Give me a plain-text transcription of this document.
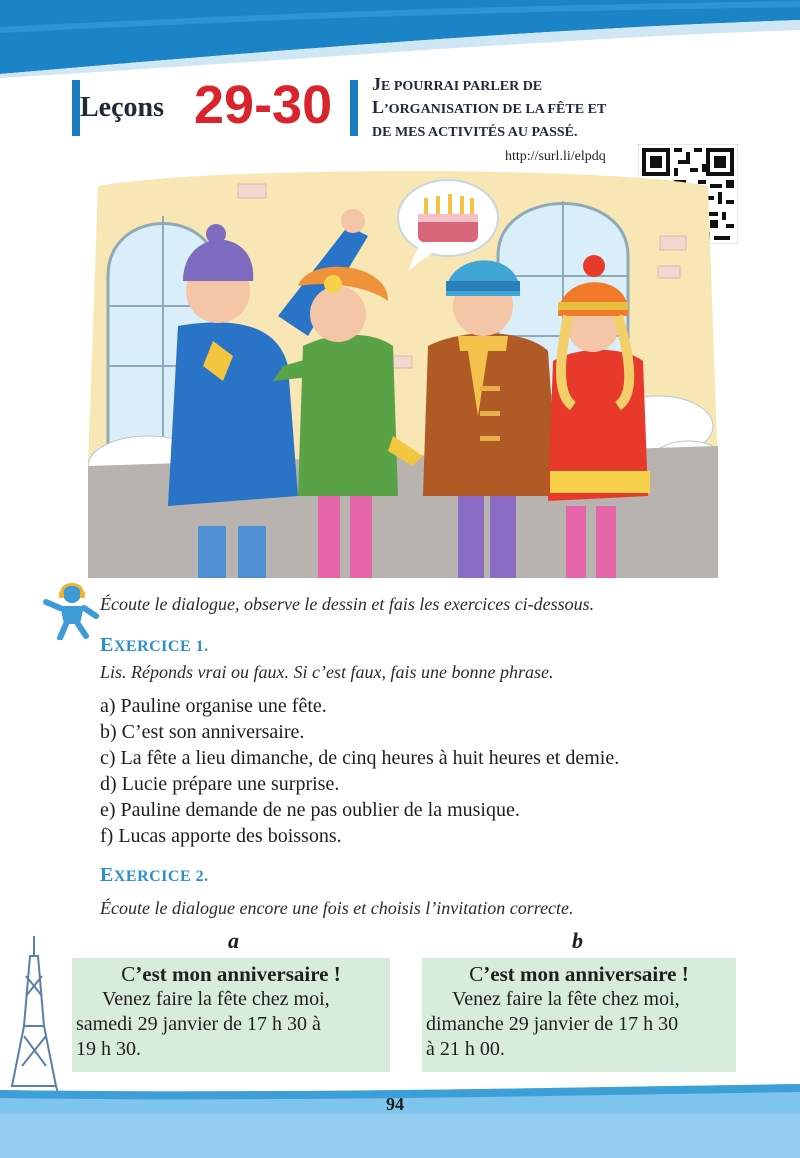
Leçons 29-30 JE POURRAI PARLER DE
L’ORGANISATION DE LA FÊTE ET
DE MES ACTIVITÉS AU PASSÉ.
http://surl.li/elpdq
Écoute le dialogue, observe le dessin et fais les exercices ci-dessous.
EXERCICE 1.
Lis. Réponds vrai ou faux. Si c’est faux, fais une bonne phrase.
a) Pauline organise une fête.
b) C’est son anniversaire.
c) La fête a lieu dimanche, de cinq heures à huit heures et demie.
d) Lucie prépare une surprise.
e) Pauline demande de ne pas oublier de la musique.
f) Lucas apporte des boissons.
EXERCICE 2.
Écoute le dialogue encore une fois et choisis l’invitation correcte.
a	b
C’est mon anniversaire !
Venez faire la fête chez moi,
samedi 29 janvier de 17 h 30 à
19 h 30.
C’est mon anniversaire !
Venez faire la fête chez moi,
dimanche 29 janvier de 17 h 30
à 21 h 00.
94
